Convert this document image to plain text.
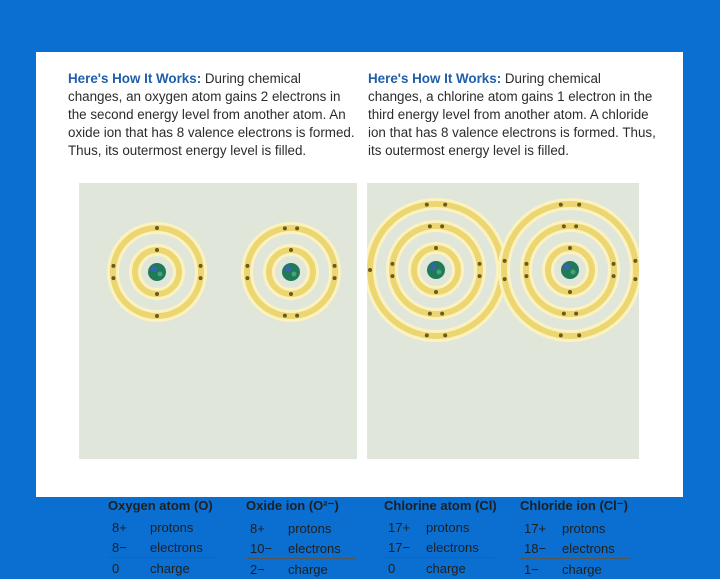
Here's How It Works: During chemical changes, an oxygen atom gains 2 electrons in the second energy level from another atom. An oxide ion that has 8 valence electrons is formed. Thus, its outermost energy level is filled.
Here's How It Works: During chemical changes, a chlorine atom gains 1 electron in the third energy level from another atom. A chloride ion that has 8 valence electrons is formed. Thus, its outermost energy level is filled.
Oxygen atom (O)
8+	protons
8−	electrons
0	charge
Oxide ion (O²⁻)
8+	protons
10−	electrons
2−	charge
Chlorine atom (Cl)
17+	protons
17−	electrons
0	charge
Chloride ion (Cl⁻)
17+	protons
18−	electrons
1−	charge
